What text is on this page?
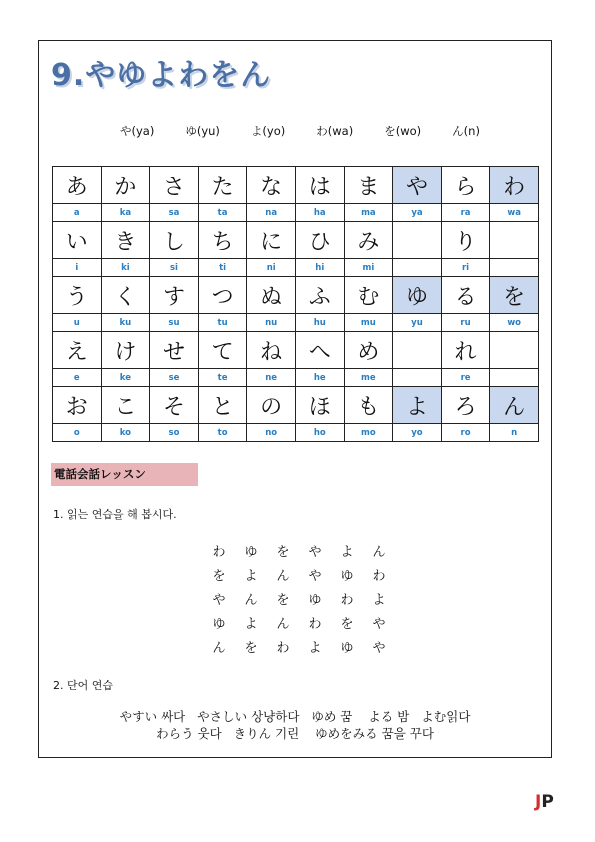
9.やゆよわをん
や(ya)	ゆ(yu)	よ(yo)	わ(wa)	を(wo)	ん(n)
あ	か	さ	た	な	は	ま	や	ら	わ
a	ka	sa	ta	na	ha	ma	ya	ra	wa
い	き	し	ち	に	ひ	み		り	
i	ki	si	ti	ni	hi	mi		ri	
う	く	す	つ	ぬ	ふ	む	ゆ	る	を
u	ku	su	tu	nu	hu	mu	yu	ru	wo
え	け	せ	て	ね	へ	め		れ	
e	ke	se	te	ne	he	me		re	
お	こ	そ	と	の	ほ	も	よ	ろ	ん
o	ko	so	to	no	ho	mo	yo	ro	n
電話会話レッスン
1. 읽는 연습을 해 봅시다.
わ	ゆ	を	や	よ	ん
を	よ	ん	や	ゆ	わ
や	ん	を	ゆ	わ	よ
ゆ	よ	ん	わ	を	や
ん	を	わ	よ	ゆ	や
2. 단어 연습
やすい 싸다   やさしい 상냥하다   ゆめ 꿈    よる 밤   よむ읽다
わらう 웃다   きりん 기린    ゆめをみる 꿈을 꾸다
JP
